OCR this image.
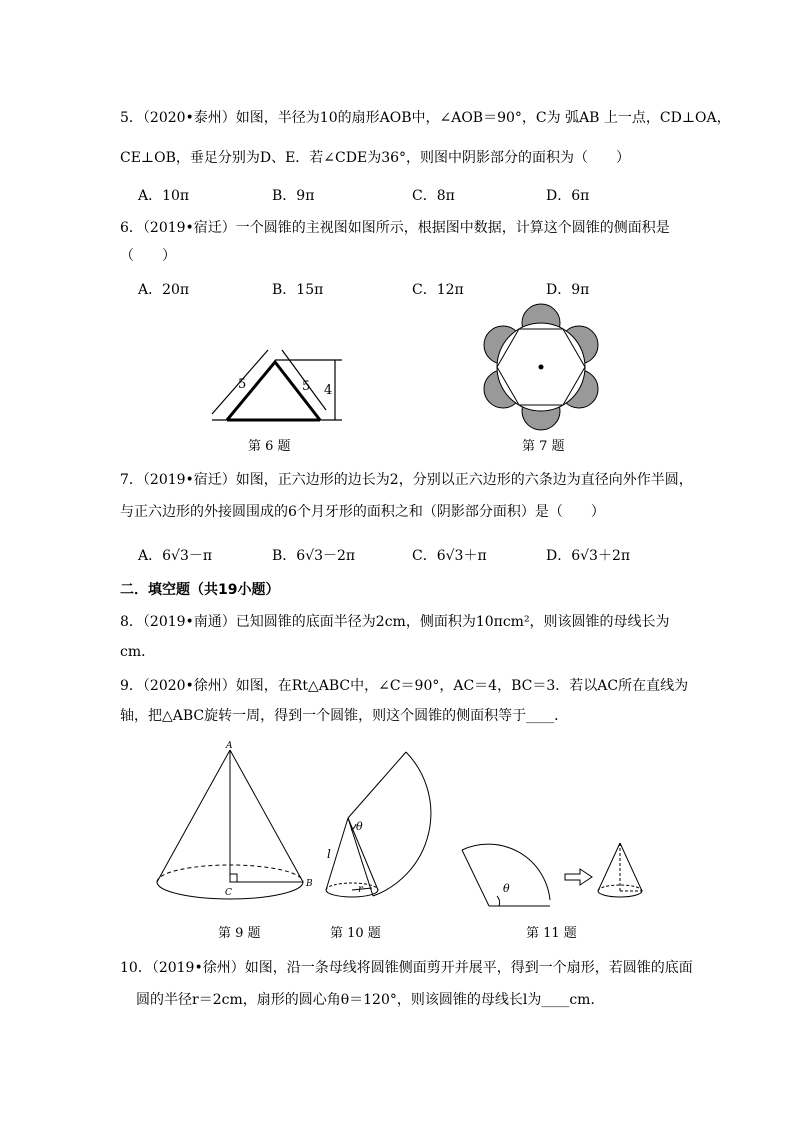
5．（2020•泰州）如图，半径为10的扇形AOB中，∠AOB＝90°，C为 弧AB 上一点，CD⊥OA，
CE⊥OB，垂足分别为D、E．若∠CDE为36°，则图中阴影部分的面积为（　　）
A．10π	B．9π	C．8π	D．6π
6．（2019•宿迁）一个圆锥的主视图如图所示，根据图中数据，计算这个圆锥的侧面积是
（　　）
A．20π	B．15π	C．12π	D．9π
5	5 4
第 6 题	第 7 题
7．（2019•宿迁）如图，正六边形的边长为2，分别以正六边形的六条边为直径向外作半圆，
与正六边形的外接圆围成的6个月牙形的面积之和（阴影部分面积）是（　　）
A．6√3－π	B．6√3－2π	C．6√3＋π	D．6√3＋2π
二．填空题（共19小题）
8．（2019•南通）已知圆锥的底面半径为2cm，侧面积为10πcm²，则该圆锥的母线长为
cm．
9．（2020•徐州）如图，在Rt△ABC中，∠C＝90°，AC＝4，BC＝3．若以AC所在直线为
轴，把△ABC旋转一周，得到一个圆锥，则这个圆锥的侧面积等于____．
A
C
B
第 9 题
θ
l
r
第 10 题
θ
第 11 题
10．（2019•徐州）如图，沿一条母线将圆锥侧面剪开并展平，得到一个扇形，若圆锥的底面
圆的半径r＝2cm，扇形的圆心角θ＝120°，则该圆锥的母线长l为____cm．
